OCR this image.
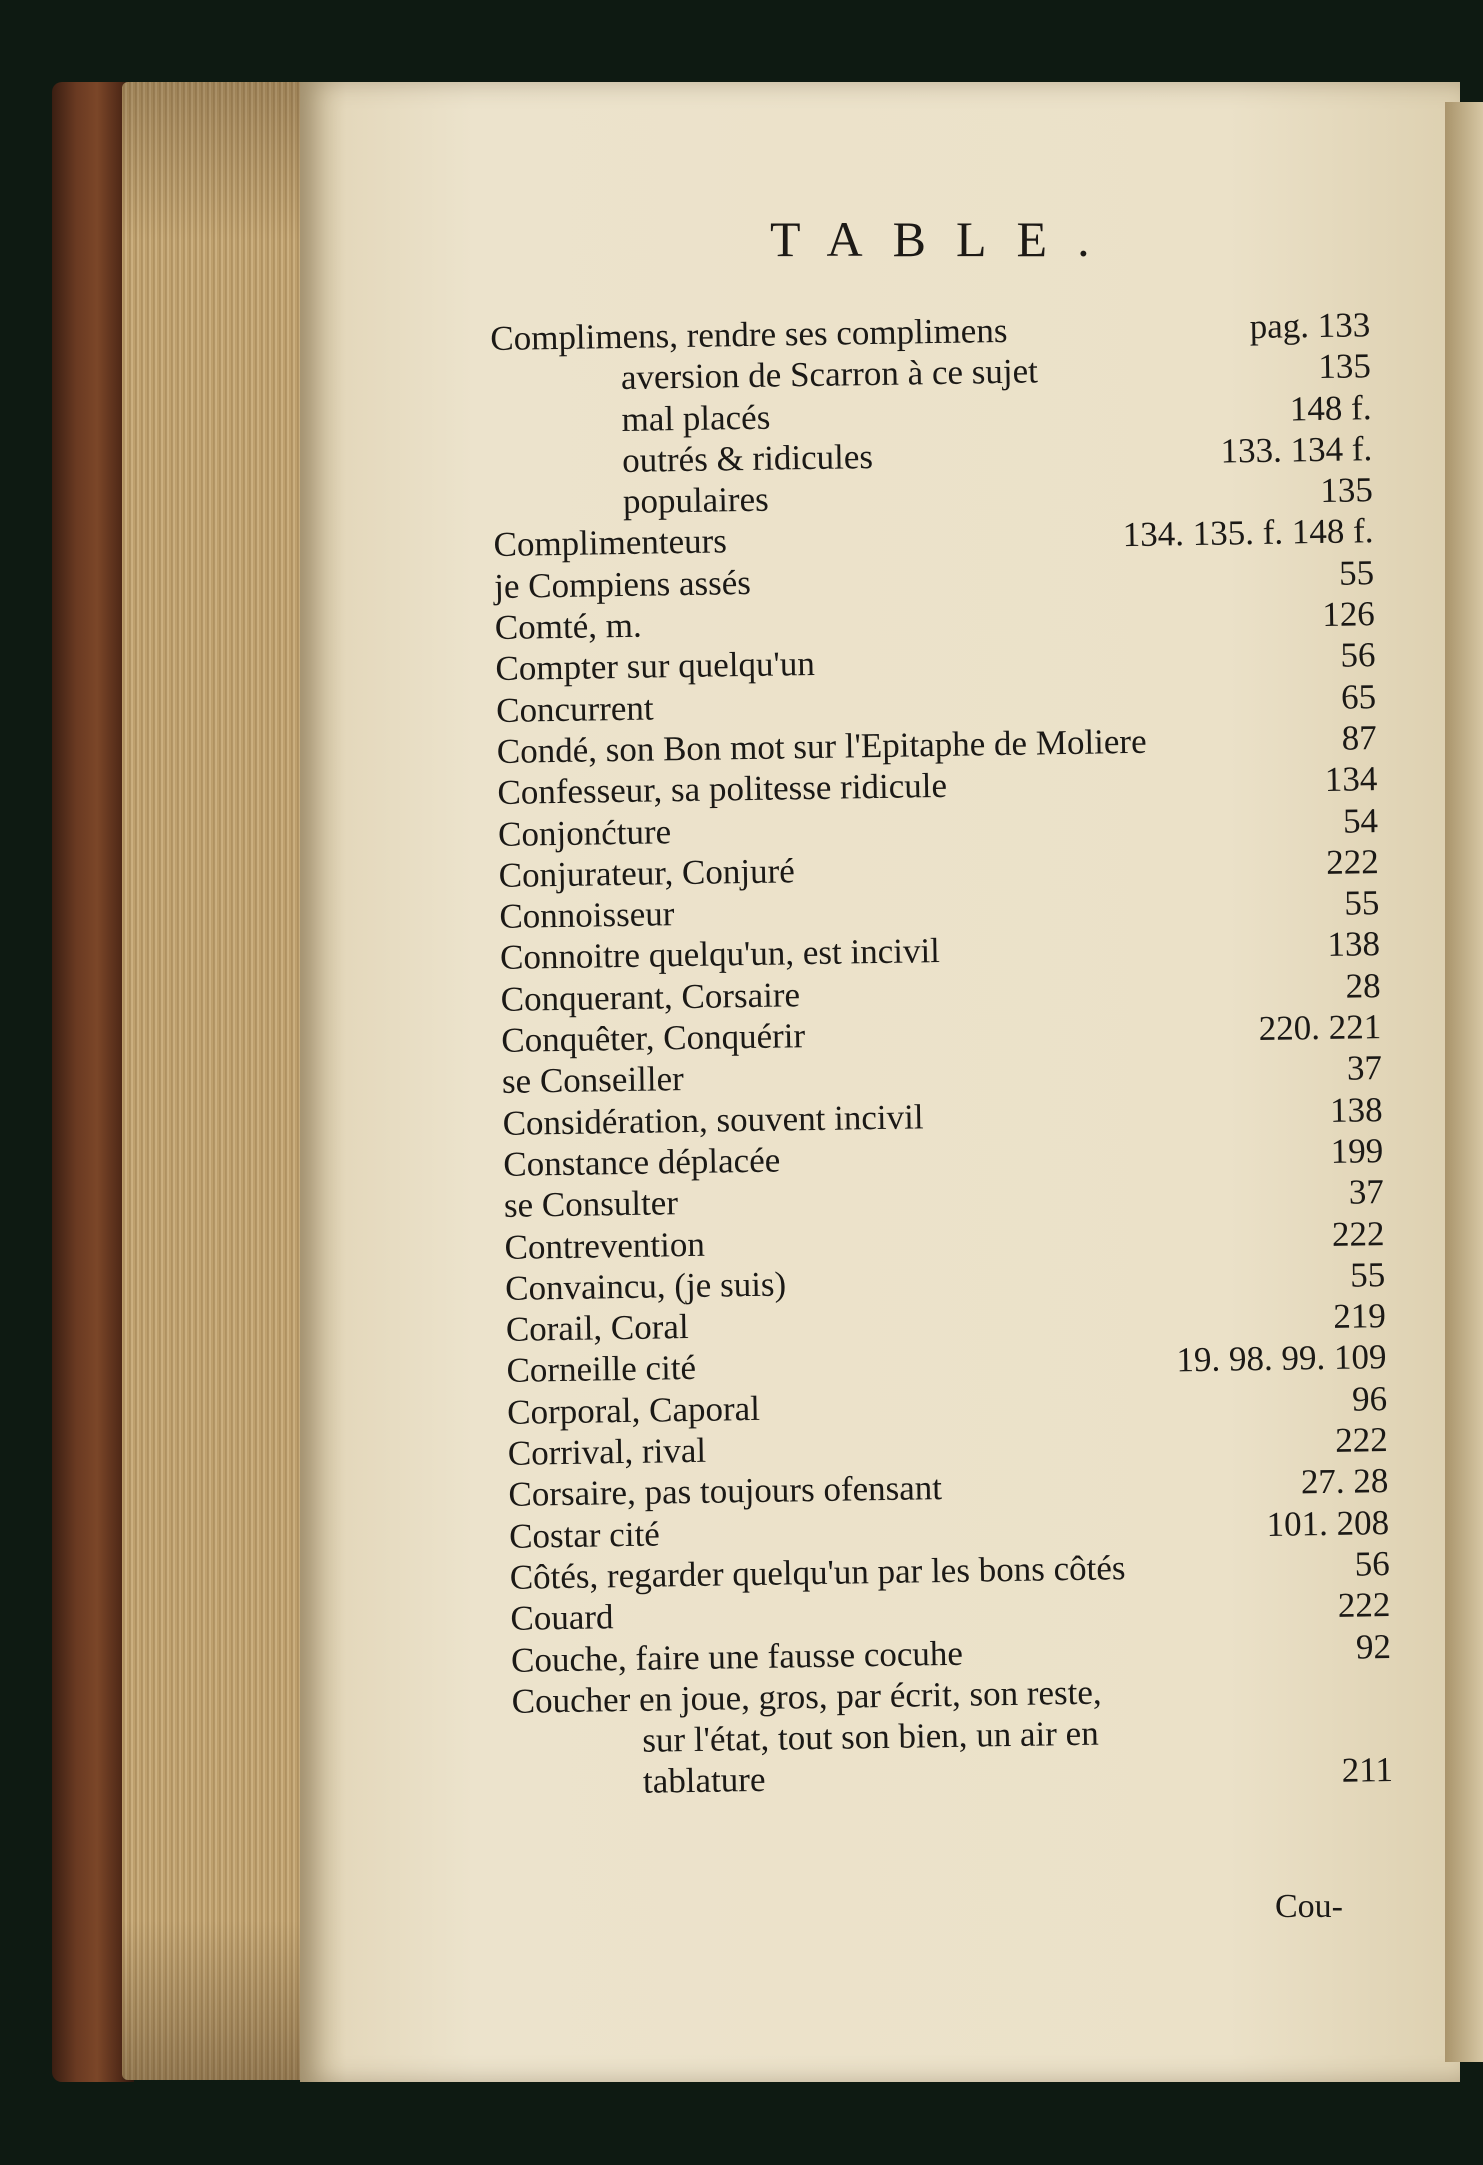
TABLE.
Complimens, rendre ses complimens	pag. 133
aversion de Scarron à ce sujet	135
mal placés	148 f.
outrés & ridicules	133. 134 f.
populaires	135
Complimenteurs	134. 135. f. 148 f.
je Compiens assés	55
Comté, m.	126
Compter sur quelqu'un	56
Concurrent	65
Condé, son Bon mot sur l'Epitaphe de Moliere	87
Confesseur, sa politesse ridicule	134
Conjonćture	54
Conjurateur, Conjuré	222
Connoisseur	55
Connoitre quelqu'un, est incivil	138
Conquerant, Corsaire	28
Conquêter, Conquérir	220. 221
se Conseiller	37
Considération, souvent incivil	138
Constance déplacée	199
se Consulter	37
Contrevention	222
Convaincu, (je suis)	55
Corail, Coral	219
Corneille cité	19. 98. 99. 109
Corporal, Caporal	96
Corrival, rival	222
Corsaire, pas toujours ofensant	27. 28
Costar cité	101. 208
Côtés, regarder quelqu'un par les bons côtés	56
Couard	222
Couche, faire une fausse cocuhe	92
Coucher en joue, gros, par écrit, son reste,
sur l'état, tout son bien, un air en
tablature	211
Cou-
